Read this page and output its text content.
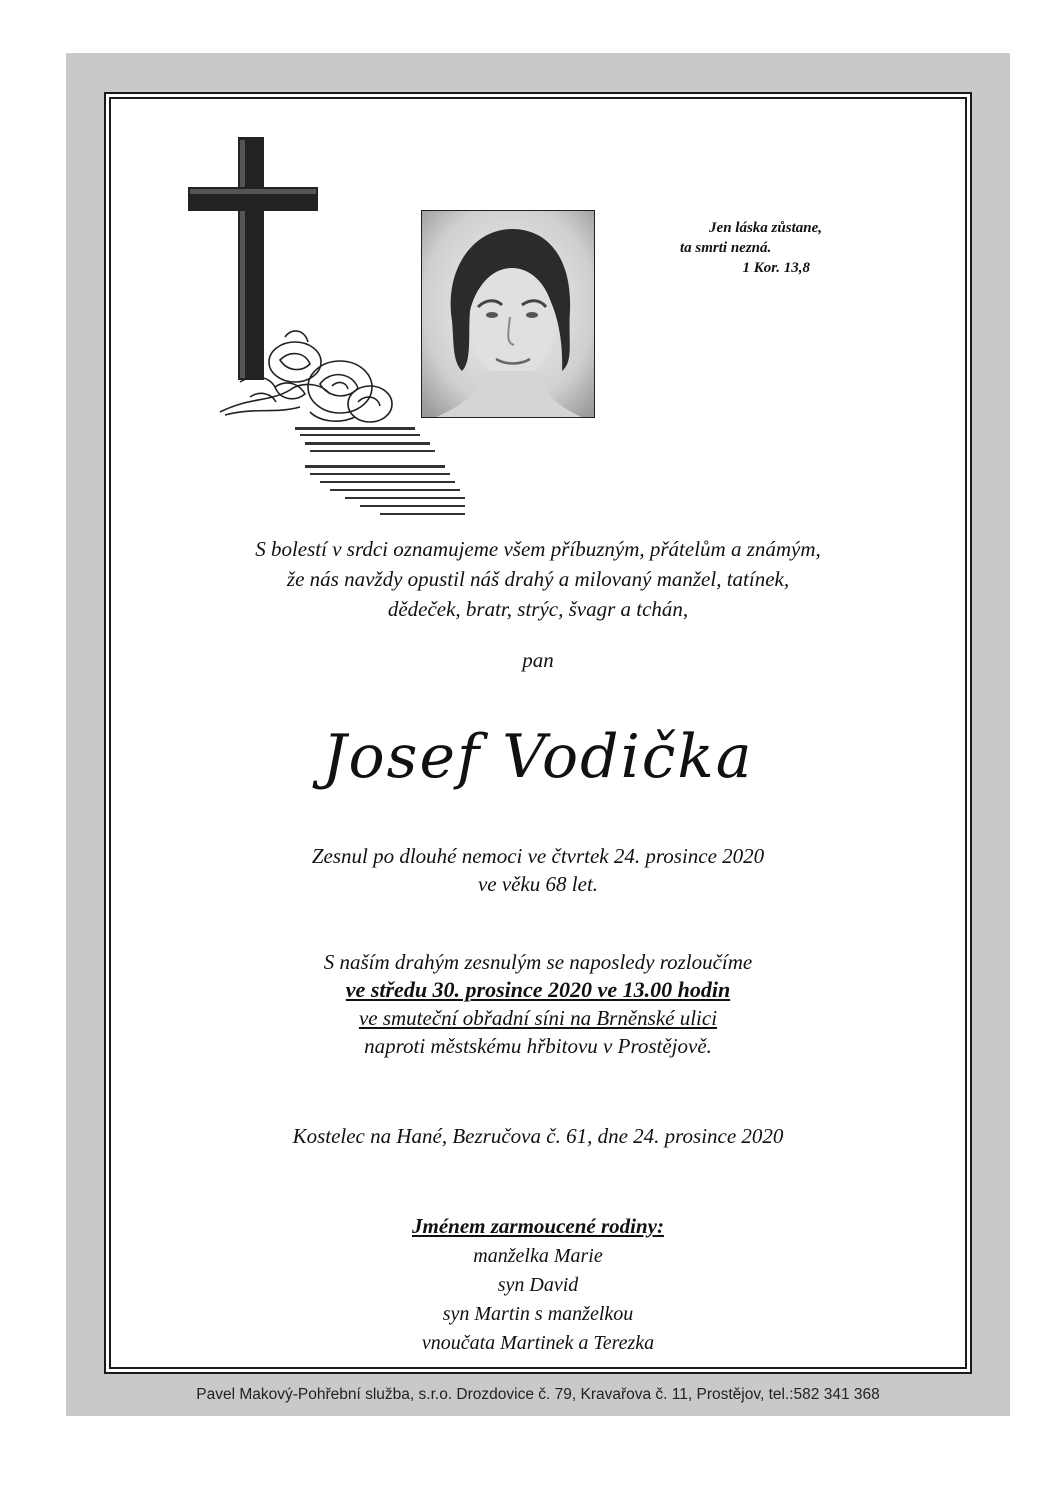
Jen láska zůstane,
ta smrti nezná.
1 Kor. 13,8
S bolestí v srdci oznamujeme všem příbuzným, přátelům a známým,
že nás navždy opustil náš drahý a milovaný manžel, tatínek,
dědeček, bratr, strýc, švagr a tchán,
pan
Josef Vodička
Zesnul po dlouhé nemoci ve čtvrtek 24. prosince 2020
ve věku 68 let.
S naším drahým zesnulým se naposledy rozloučíme
ve středu 30. prosince 2020 ve 13.00 hodin
ve smuteční obřadní síni na Brněnské ulici
naproti městskému hřbitovu v Prostějově.
Kostelec na Hané, Bezručova č. 61, dne 24. prosince 2020
Jménem zarmoucené rodiny:
manželka Marie
syn David
syn Martin s manželkou
vnoučata Martinek a Terezka
Pavel Makový-Pohřební služba, s.r.o. Drozdovice č. 79, Kravařova č. 11, Prostějov, tel.:582 341 368
